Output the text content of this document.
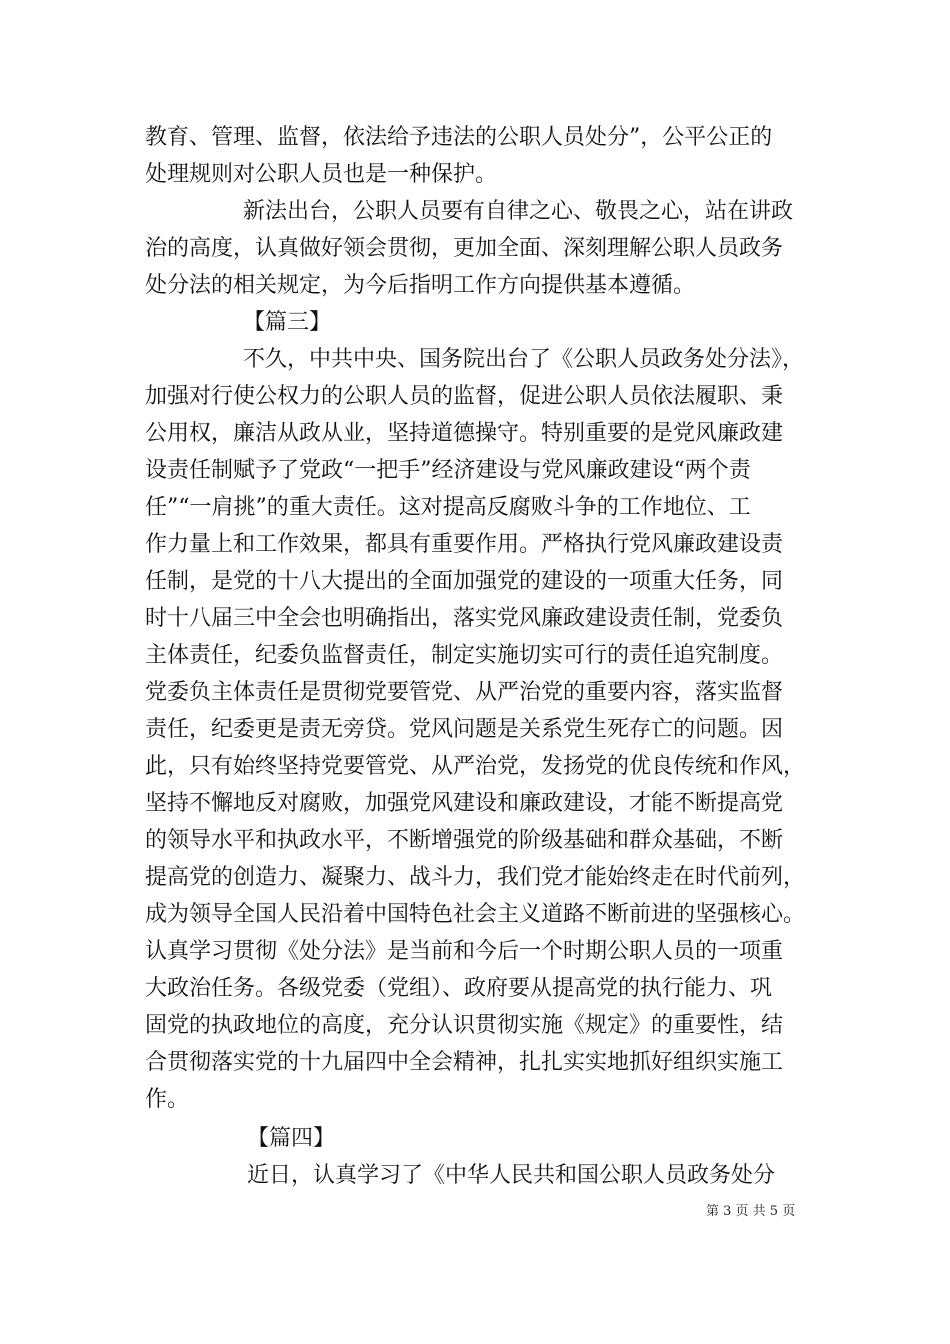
教育、管理、监督，依法给予违法的公职人员处分”，公平公正的
处理规则对公职人员也是一种保护。
新法出台，公职人员要有自律之心、敬畏之心，站在讲政
治的高度，认真做好领会贯彻，更加全面、深刻理解公职人员政务
处分法的相关规定，为今后指明工作方向提供基本遵循。
【篇三】
不久，中共中央、国务院出台了《公职人员政务处分法》，
加强对行使公权力的公职人员的监督，促进公职人员依法履职、秉
公用权，廉洁从政从业，坚持道德操守。特别重要的是党风廉政建
设责任制赋予了党政“一把手”经济建设与党风廉政建设“两个责
任”“一肩挑”的重大责任。这对提高反腐败斗争的工作地位、工
作力量上和工作效果，都具有重要作用。严格执行党风廉政建设责
任制，是党的十八大提出的全面加强党的建设的一项重大任务，同
时十八届三中全会也明确指出，落实党风廉政建设责任制，党委负
主体责任，纪委负监督责任，制定实施切实可行的责任追究制度。
党委负主体责任是贯彻党要管党、从严治党的重要内容，落实监督
责任，纪委更是责无旁贷。党风问题是关系党生死存亡的问题。因
此，只有始终坚持党要管党、从严治党，发扬党的优良传统和作风，
坚持不懈地反对腐败，加强党风建设和廉政建设，才能不断提高党
的领导水平和执政水平，不断增强党的阶级基础和群众基础，不断
提高党的创造力、凝聚力、战斗力，我们党才能始终走在时代前列，
成为领导全国人民沿着中国特色社会主义道路不断前进的坚强核心。
认真学习贯彻《处分法》是当前和今后一个时期公职人员的一项重
大政治任务。各级党委（党组）、政府要从提高党的执行能力、巩
固党的执政地位的高度，充分认识贯彻实施《规定》的重要性，结
合贯彻落实党的十九届四中全会精神，扎扎实实地抓好组织实施工
作。
【篇四】
近日，认真学习了《中华人民共和国公职人员政务处分
第 3 页 共 5 页
